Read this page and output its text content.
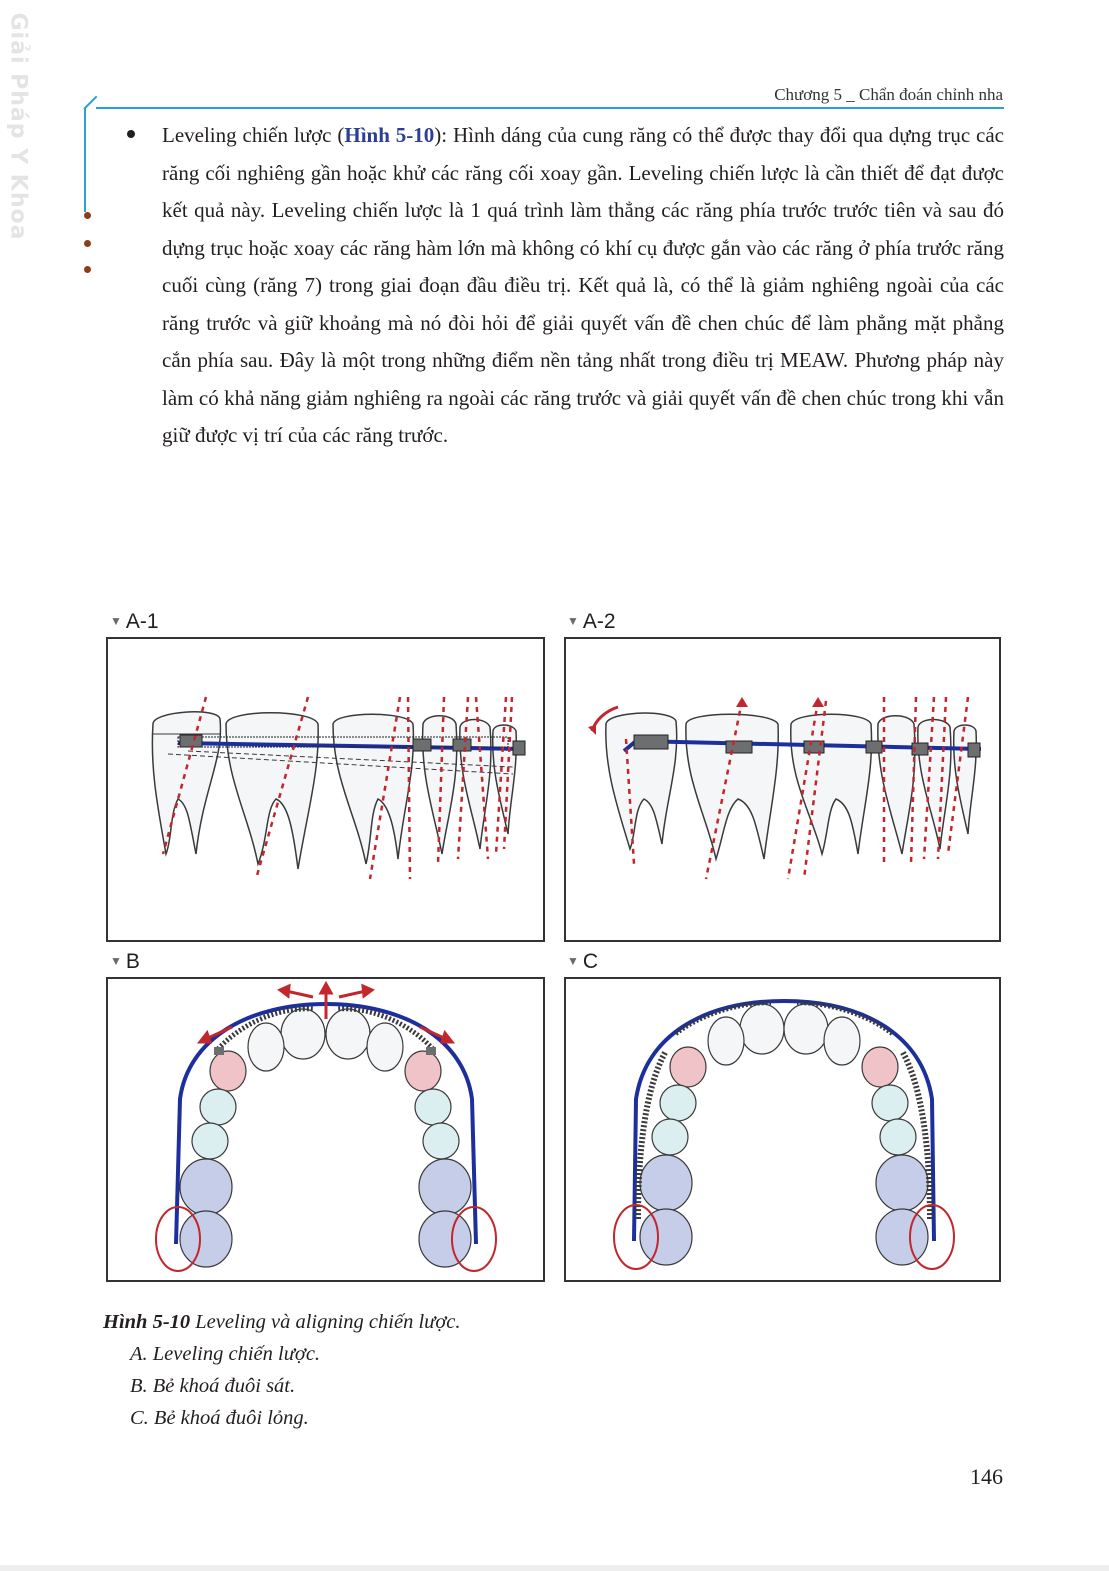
Giải Pháp Y Khoa	Chương 5 _ Chẩn đoán chỉnh nha

Leveling chiến lược (Hình 5-10): Hình dáng của cung răng có thể được thay đổi qua dựng trục các răng cối nghiêng gần hoặc khử các răng cối xoay gần. Leveling chiến lược là cần thiết để đạt được kết quả này. Leveling chiến lược là 1 quá trình làm thẳng các răng phía trước trước tiên và sau đó dựng trục hoặc xoay các răng hàm lớn mà không có khí cụ được gắn vào các răng ở phía trước răng cuối cùng (răng 7) trong giai đoạn đầu điều trị. Kết quả là, có thể là giảm nghiêng ngoài của các răng trước và giữ khoảng mà nó đòi hỏi để giải quyết vấn đề chen chúc để làm phẳng mặt phẳng cắn phía sau. Đây là một trong những điểm nền tảng nhất trong điều trị MEAW. Phương pháp này làm có khả năng giảm nghiêng ra ngoài các răng trước và giải quyết vấn đề chen chúc trong khi vẫn giữ được vị trí của các răng trước.

▼ A-1	▼ A-2
▼ B	▼ C
Hình 5-10 Leveling và aligning chiến lược.
A. Leveling chiến lược.
B. Bẻ khoá đuôi sát.
C. Bẻ khoá đuôi lỏng.
146
